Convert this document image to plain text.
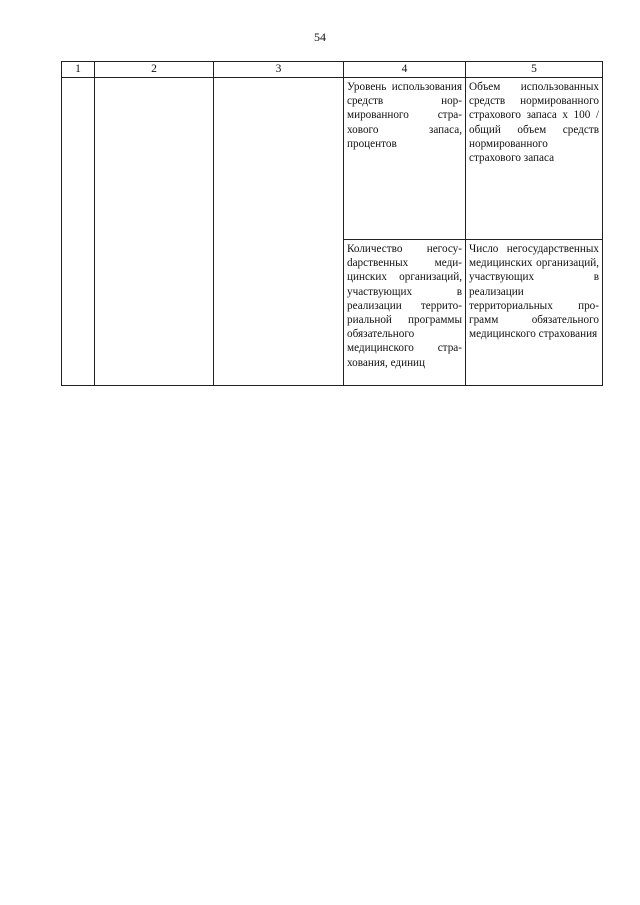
54
1	2	3	4	5
			Уровень использования средств нормированного страхового запаса, процентов	Объем использованных средств нормированного страхового запаса x 100 / общий объем средств нормированного страхового запаса
			Количество негосуdарственных медицинских организаций, участвующих в реализации территориальной программы обязательного медицинского страхования, единиц	Число негосударственных медицинских организаций, участвующих в реализации территориальных программ обязательного медицинского страхования
